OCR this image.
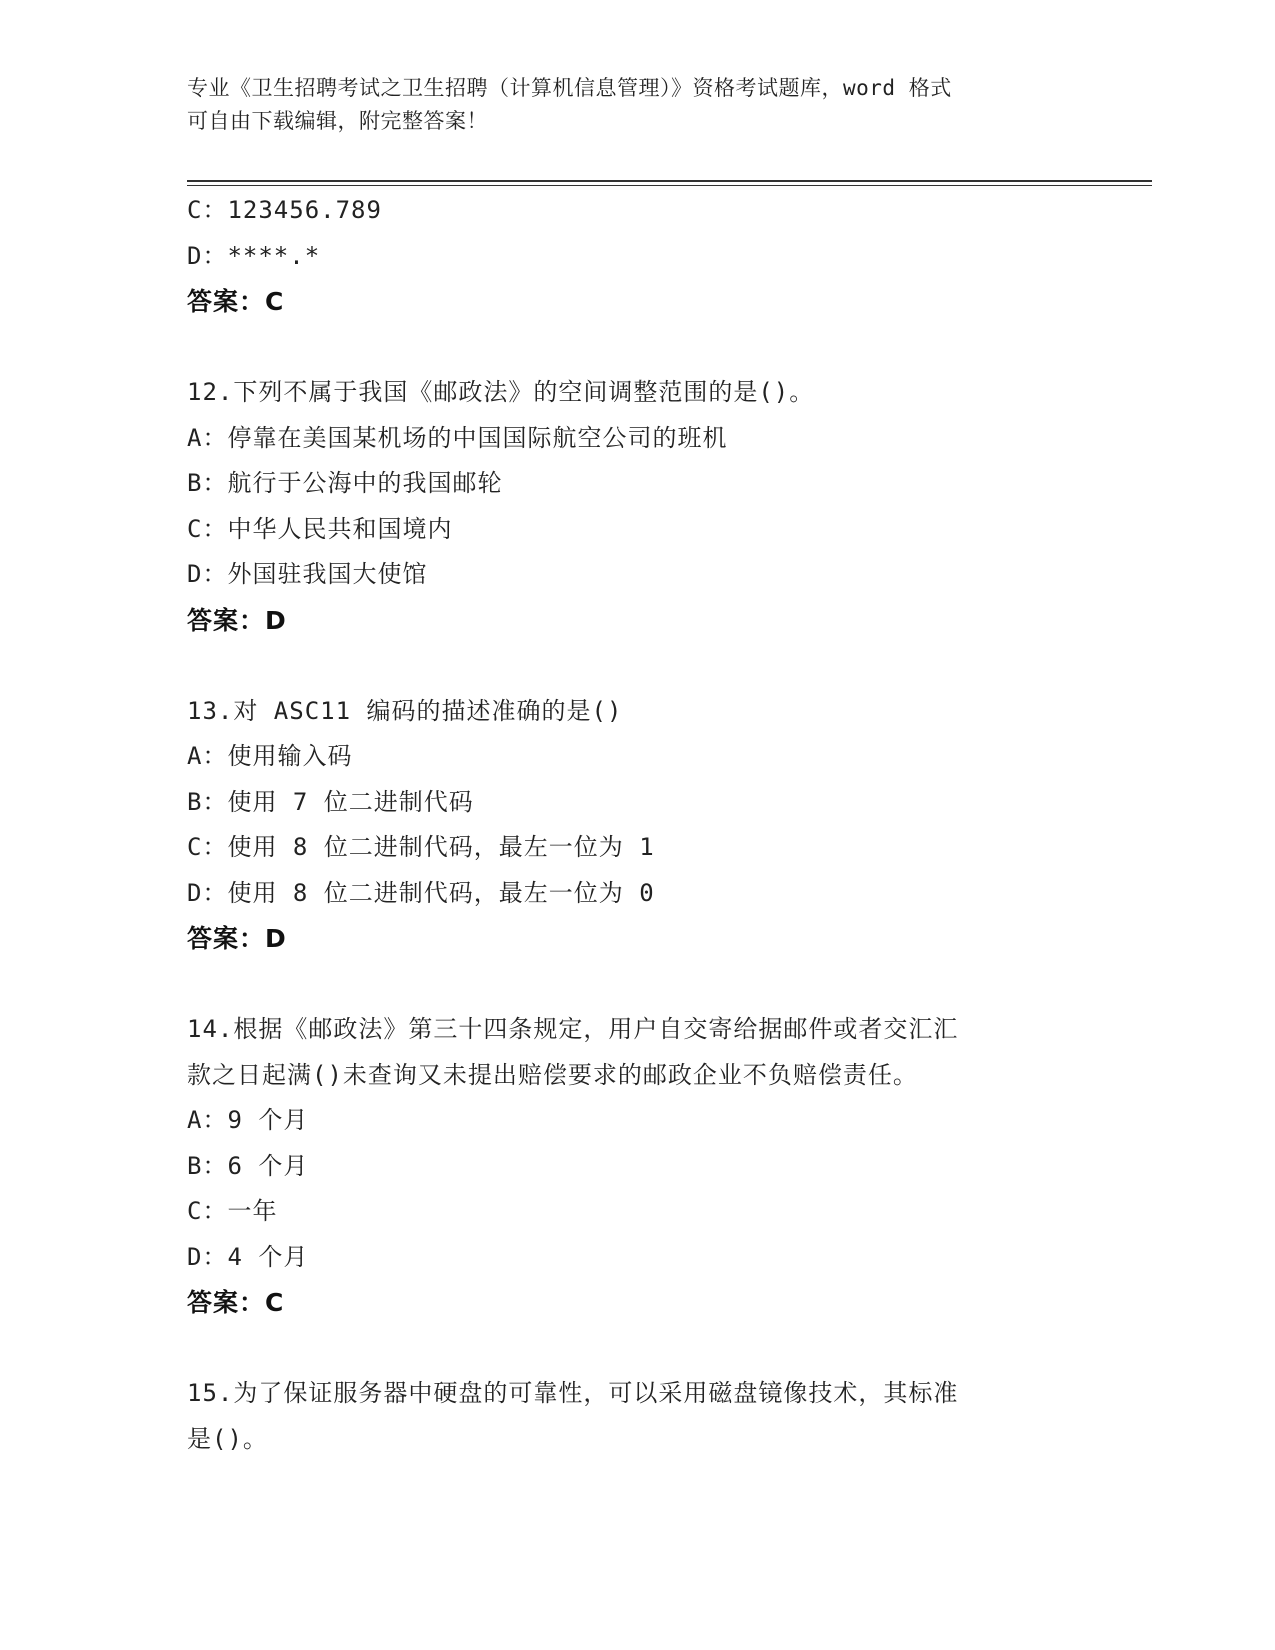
专业《卫生招聘考试之卫生招聘（计算机信息管理）》资格考试题库，word 格式
可自由下载编辑，附完整答案！
C：123456.789
D：****.*
答案：C
12.下列不属于我国《邮政法》的空间调整范围的是()。
A：停靠在美国某机场的中国国际航空公司的班机
B：航行于公海中的我国邮轮
C：中华人民共和国境内
D：外国驻我国大使馆
答案：D
13.对 ASC11 编码的描述准确的是()
A：使用输入码
B：使用 7 位二进制代码
C：使用 8 位二进制代码，最左一位为 1
D：使用 8 位二进制代码，最左一位为 0
答案：D
14.根据《邮政法》第三十四条规定，用户自交寄给据邮件或者交汇汇
款之日起满()未查询又未提出赔偿要求的邮政企业不负赔偿责任。
A：9 个月
B：6 个月
C：一年
D：4 个月
答案：C
15.为了保证服务器中硬盘的可靠性，可以采用磁盘镜像技术，其标准
是()。
